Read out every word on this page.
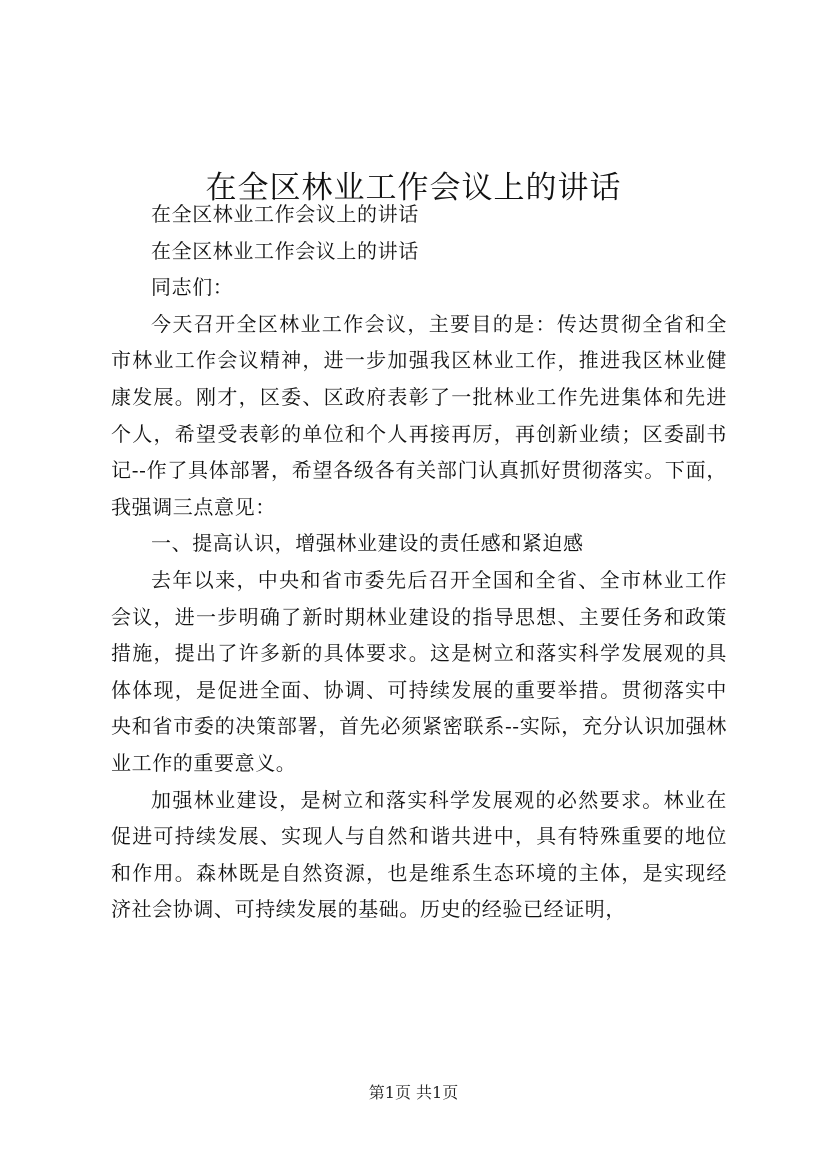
在全区林业工作会议上的讲话

在全区林业工作会议上的讲话

在全区林业工作会议上的讲话

同志们：

今天召开全区林业工作会议，主要目的是：传达贯彻全省和全市林业工作会议精神，进一步加强我区林业工作，推进我区林业健康发展。刚才，区委、区政府表彰了一批林业工作先进集体和先进个人，希望受表彰的单位和个人再接再厉，再创新业绩；区委副书记--作了具体部署，希望各级各有关部门认真抓好贯彻落实。下面，我强调三点意见：

一、提高认识，增强林业建设的责任感和紧迫感

去年以来，中央和省市委先后召开全国和全省、全市林业工作会议，进一步明确了新时期林业建设的指导思想、主要任务和政策措施，提出了许多新的具体要求。这是树立和落实科学发展观的具体体现，是促进全面、协调、可持续发展的重要举措。贯彻落实中央和省市委的决策部署，首先必须紧密联系--实际，充分认识加强林业工作的重要意义。

加强林业建设，是树立和落实科学发展观的必然要求。林业在促进可持续发展、实现人与自然和谐共进中，具有特殊重要的地位和作用。森林既是自然资源，也是维系生态环境的主体，是实现经济社会协调、可持续发展的基础。历史的经验已经证明，

第1页 共1页
